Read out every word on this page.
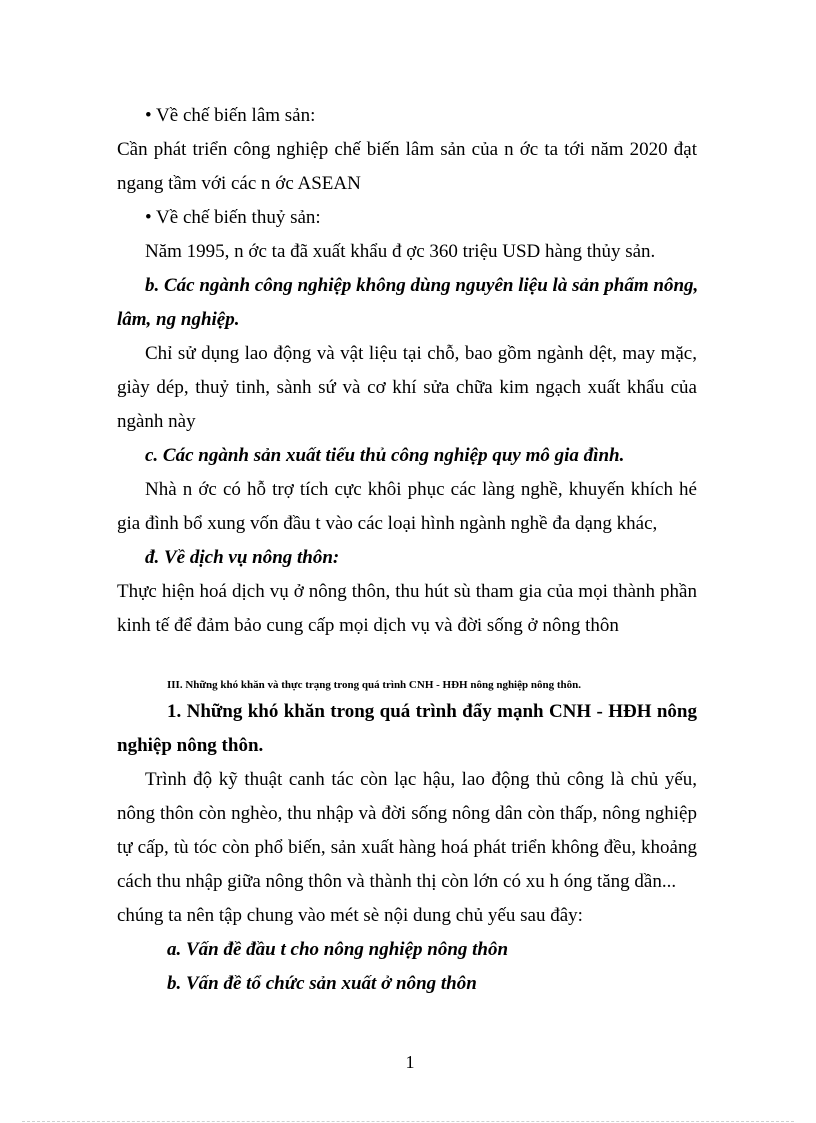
• Về chế biến lâm sản:
Cần phát triển công nghiệp chế biến lâm sản của n ớc ta tới năm 2020 đạt
ngang tầm với các n ớc ASEAN
• Về chế biến thuỷ sản:
Năm 1995, n ớc ta đã xuất khẩu đ ợc 360 triệu USD hàng thủy sản.
b. Các ngành công nghiệp không dùng nguyên liệu là sản phẩm nông,
lâm, ng nghiệp.
Chỉ sử dụng lao động và vật liệu tại chỗ, bao gồm ngành dệt, may mặc,
giày dép, thuỷ tinh, sành sứ và cơ khí sửa chữa kim ngạch xuất khẩu của
ngành này
c. Các ngành sản xuất tiểu thủ công nghiệp quy mô gia đình.
Nhà n ớc có hỗ trợ tích cực khôi phục các làng nghề, khuyến khích hé
gia đình bổ xung vốn đầu t vào các loại hình ngành nghề đa dạng khác,
đ. Về dịch vụ nông thôn:
Thực hiện hoá dịch vụ ở nông thôn, thu hút sù tham gia của mọi thành phần
kinh tế để đảm bảo cung cấp mọi dịch vụ và đời sống ở nông thôn
III. Những khó khăn và thực trạng trong quá trình CNH - HĐH nông nghiệp nông thôn.
1. Những khó khăn trong quá trình đẩy mạnh CNH - HĐH nông
nghiệp nông thôn.
Trình độ kỹ thuật canh tác còn lạc hậu, lao động thủ công là chủ yếu,
nông thôn còn nghèo, thu nhập và đời sống nông dân còn thấp, nông nghiệp
tự cấp, tù tóc còn phổ biến, sản xuất hàng hoá phát triển không đều, khoảng
cách thu nhập giữa nông thôn và thành thị còn lớn có xu h óng tăng dần...
chúng ta nên tập chung vào mét sè nội dung chủ yếu sau đây:
a. Vấn đề đầu t cho nông nghiệp nông thôn
b. Vấn đề tổ chức sản xuất ở nông thôn
1
